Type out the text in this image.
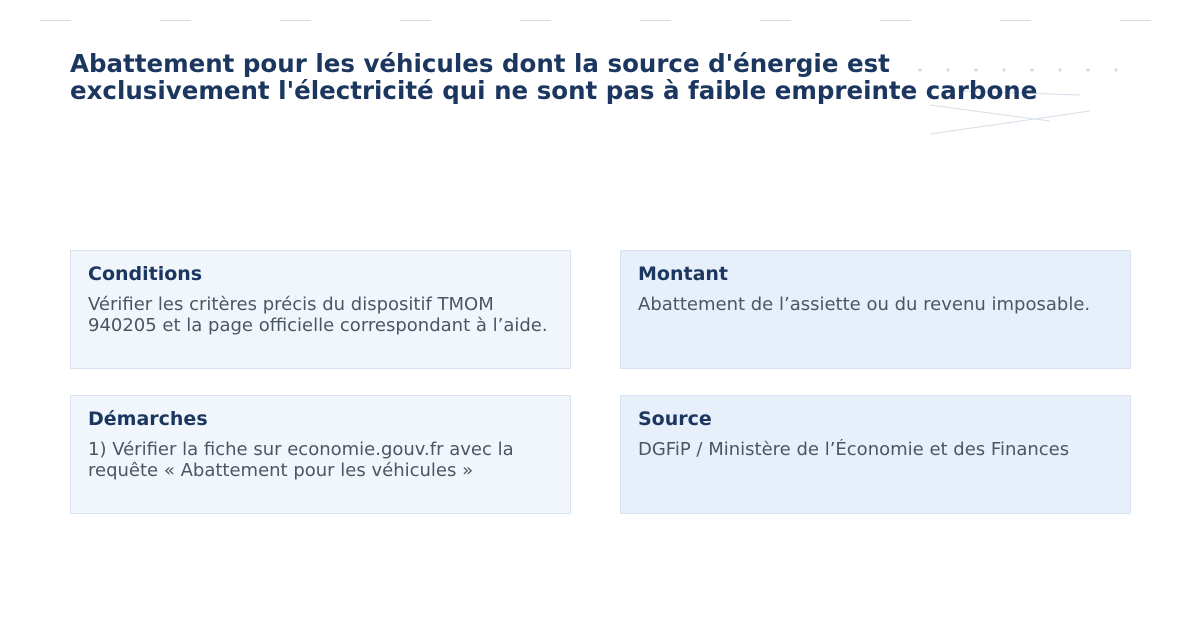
Abattement pour les véhicules dont la source d'énergie est exclusivement l'électricité qui ne sont pas à faible empreinte carbone
Conditions
Vérifier les critères précis du dispositif TMOM 940205 et la page officielle correspondant à l’aide.
Montant
Abattement de l’assiette ou du revenu imposable.
Démarches
1) Vérifier la fiche sur economie.gouv.fr avec la requête « Abattement pour les véhicules »
Source
DGFiP / Ministère de l’Économie et des Finances
